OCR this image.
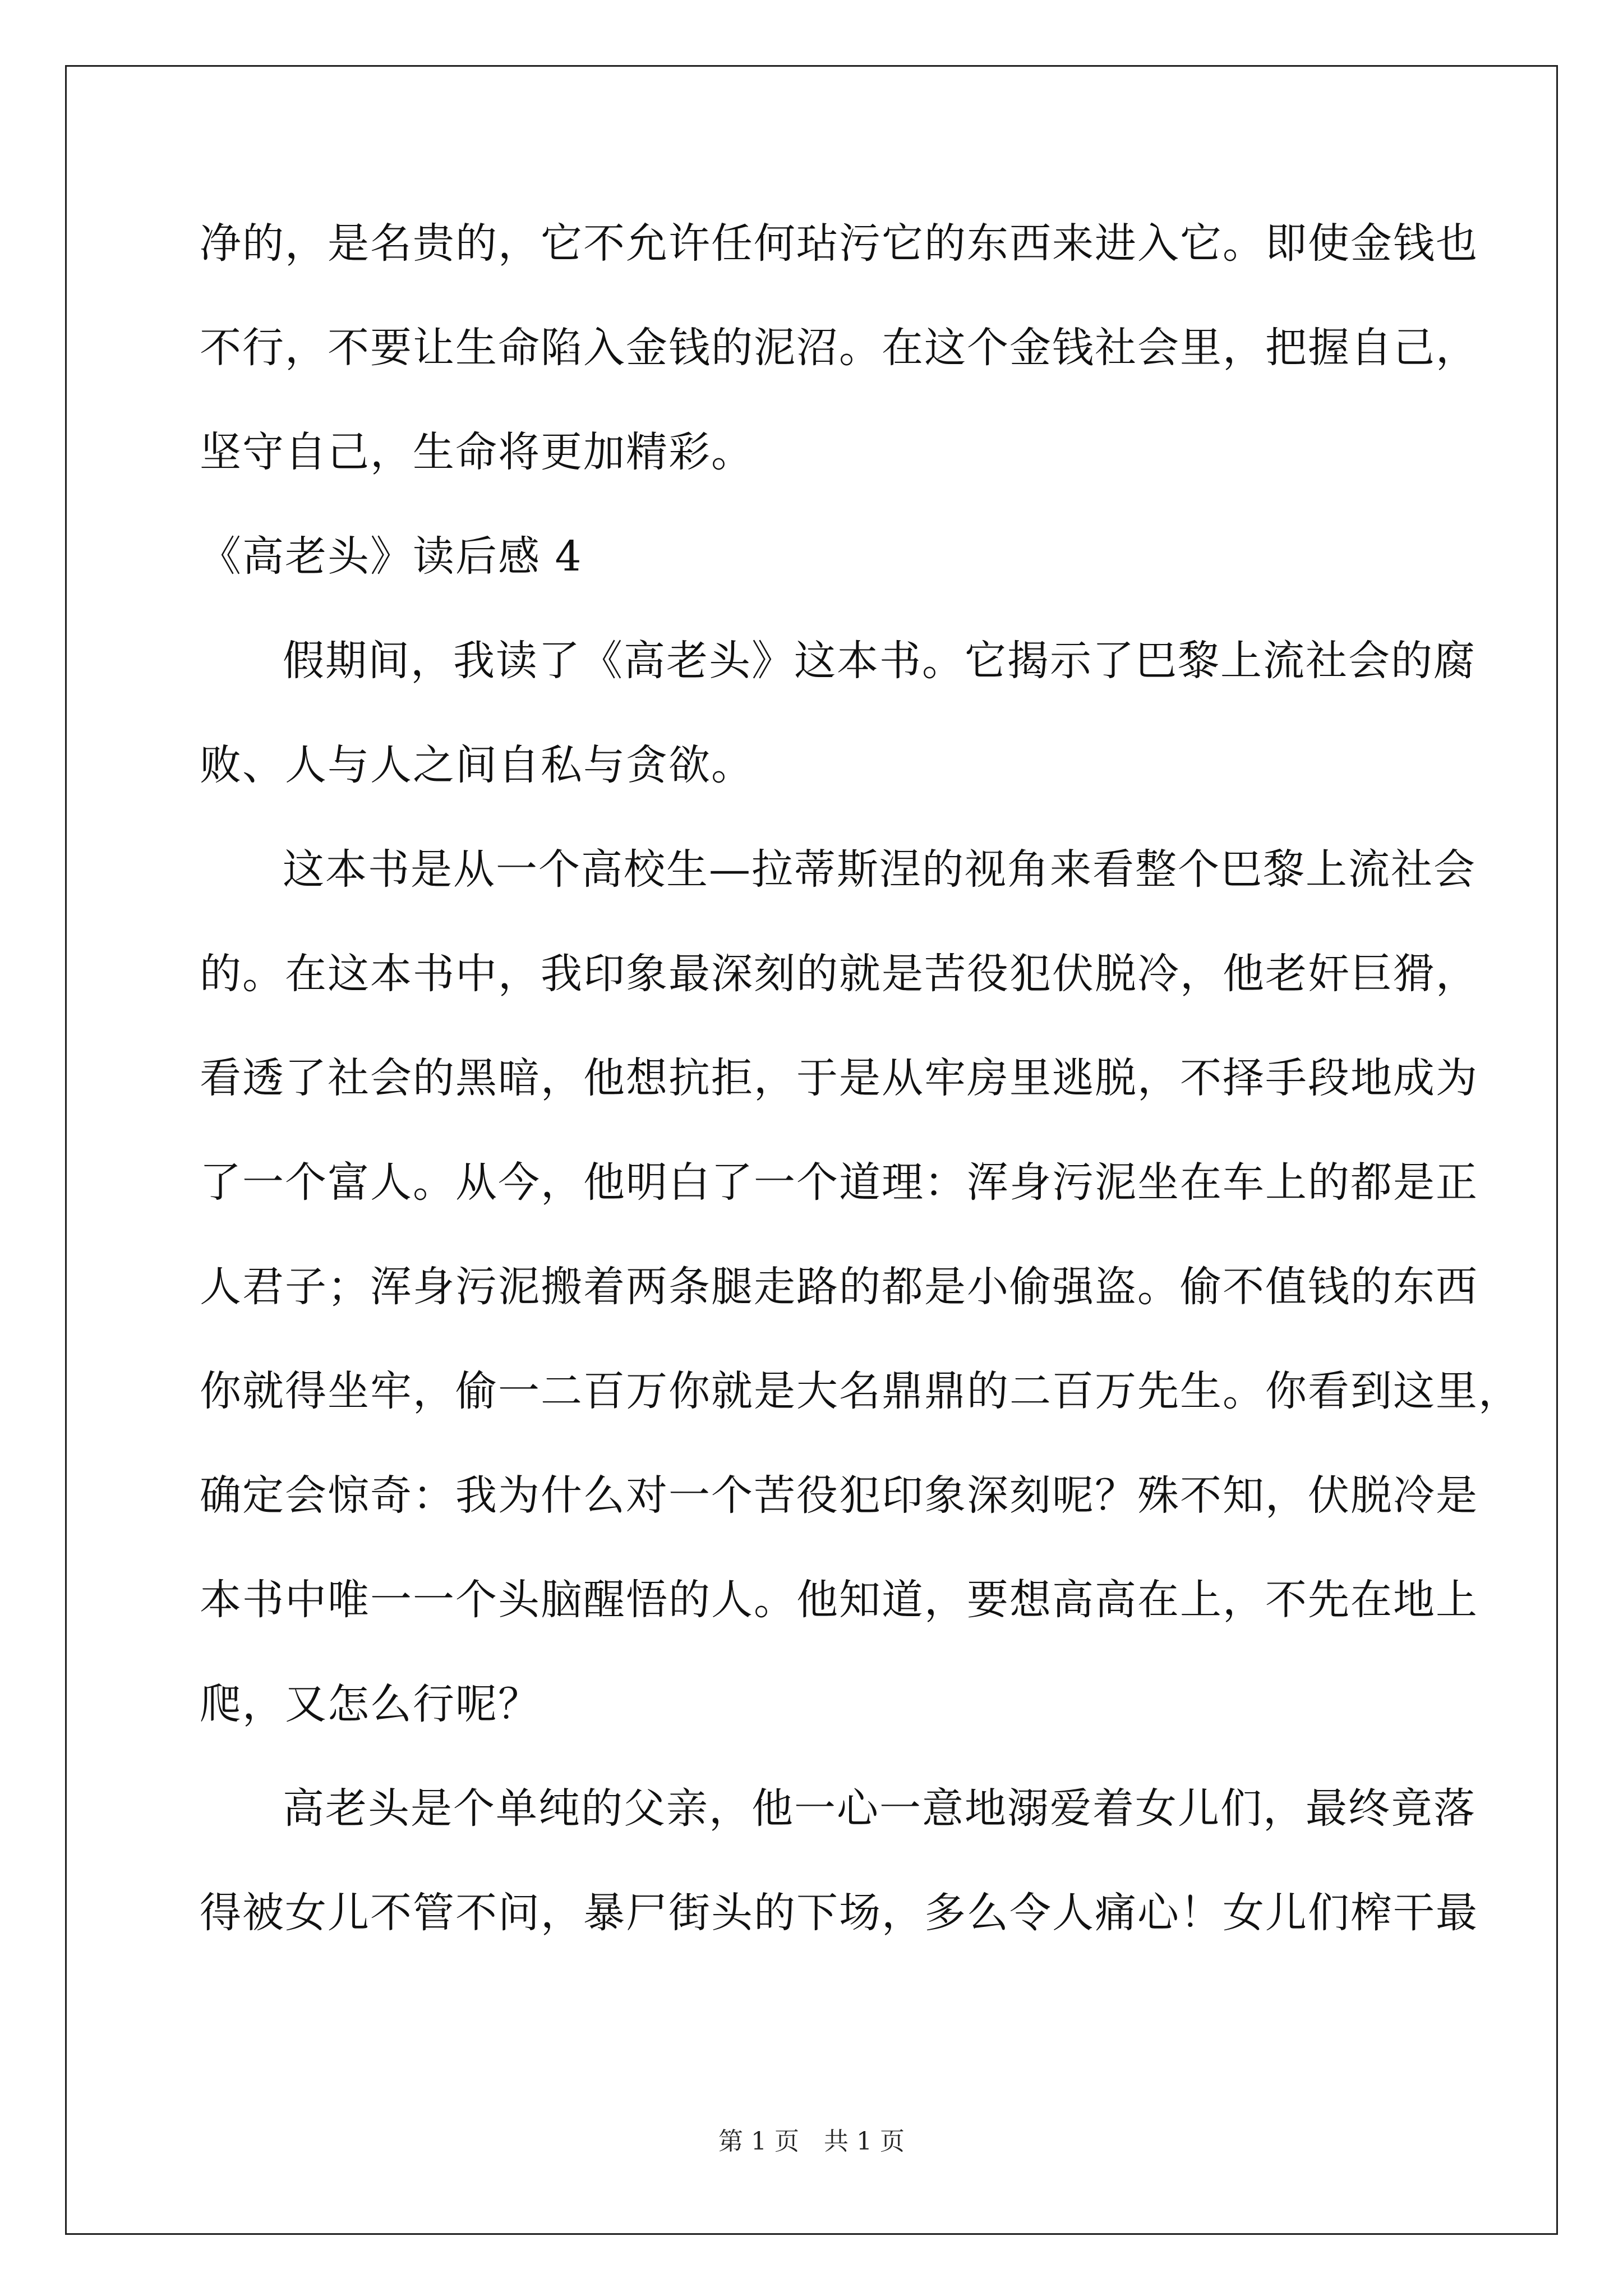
净的，是名贵的，它不允许任何玷污它的东西来进入它。即使金钱也
不行，不要让生命陷入金钱的泥沼。在这个金钱社会里，把握自己，
坚守自己，生命将更加精彩。
《高老头》读后感 4
假期间，我读了《高老头》这本书。它揭示了巴黎上流社会的腐
败、人与人之间自私与贪欲。
这本书是从一个高校生—拉蒂斯涅的视角来看整个巴黎上流社会
的。在这本书中，我印象最深刻的就是苦役犯伏脱冷，他老奸巨猾，
看透了社会的黑暗，他想抗拒，于是从牢房里逃脱，不择手段地成为
了一个富人。从今，他明白了一个道理：浑身污泥坐在车上的都是正
人君子；浑身污泥搬着两条腿走路的都是小偷强盗。偷不值钱的东西
你就得坐牢，偷一二百万你就是大名鼎鼎的二百万先生。你看到这里，
确定会惊奇：我为什么对一个苦役犯印象深刻呢？殊不知，伏脱冷是
本书中唯一一个头脑醒悟的人。他知道，要想高高在上，不先在地上
爬，又怎么行呢？
高老头是个单纯的父亲，他一心一意地溺爱着女儿们，最终竟落
得被女儿不管不问，暴尸街头的下场，多么令人痛心！女儿们榨干最
第 1 页 共 1 页
